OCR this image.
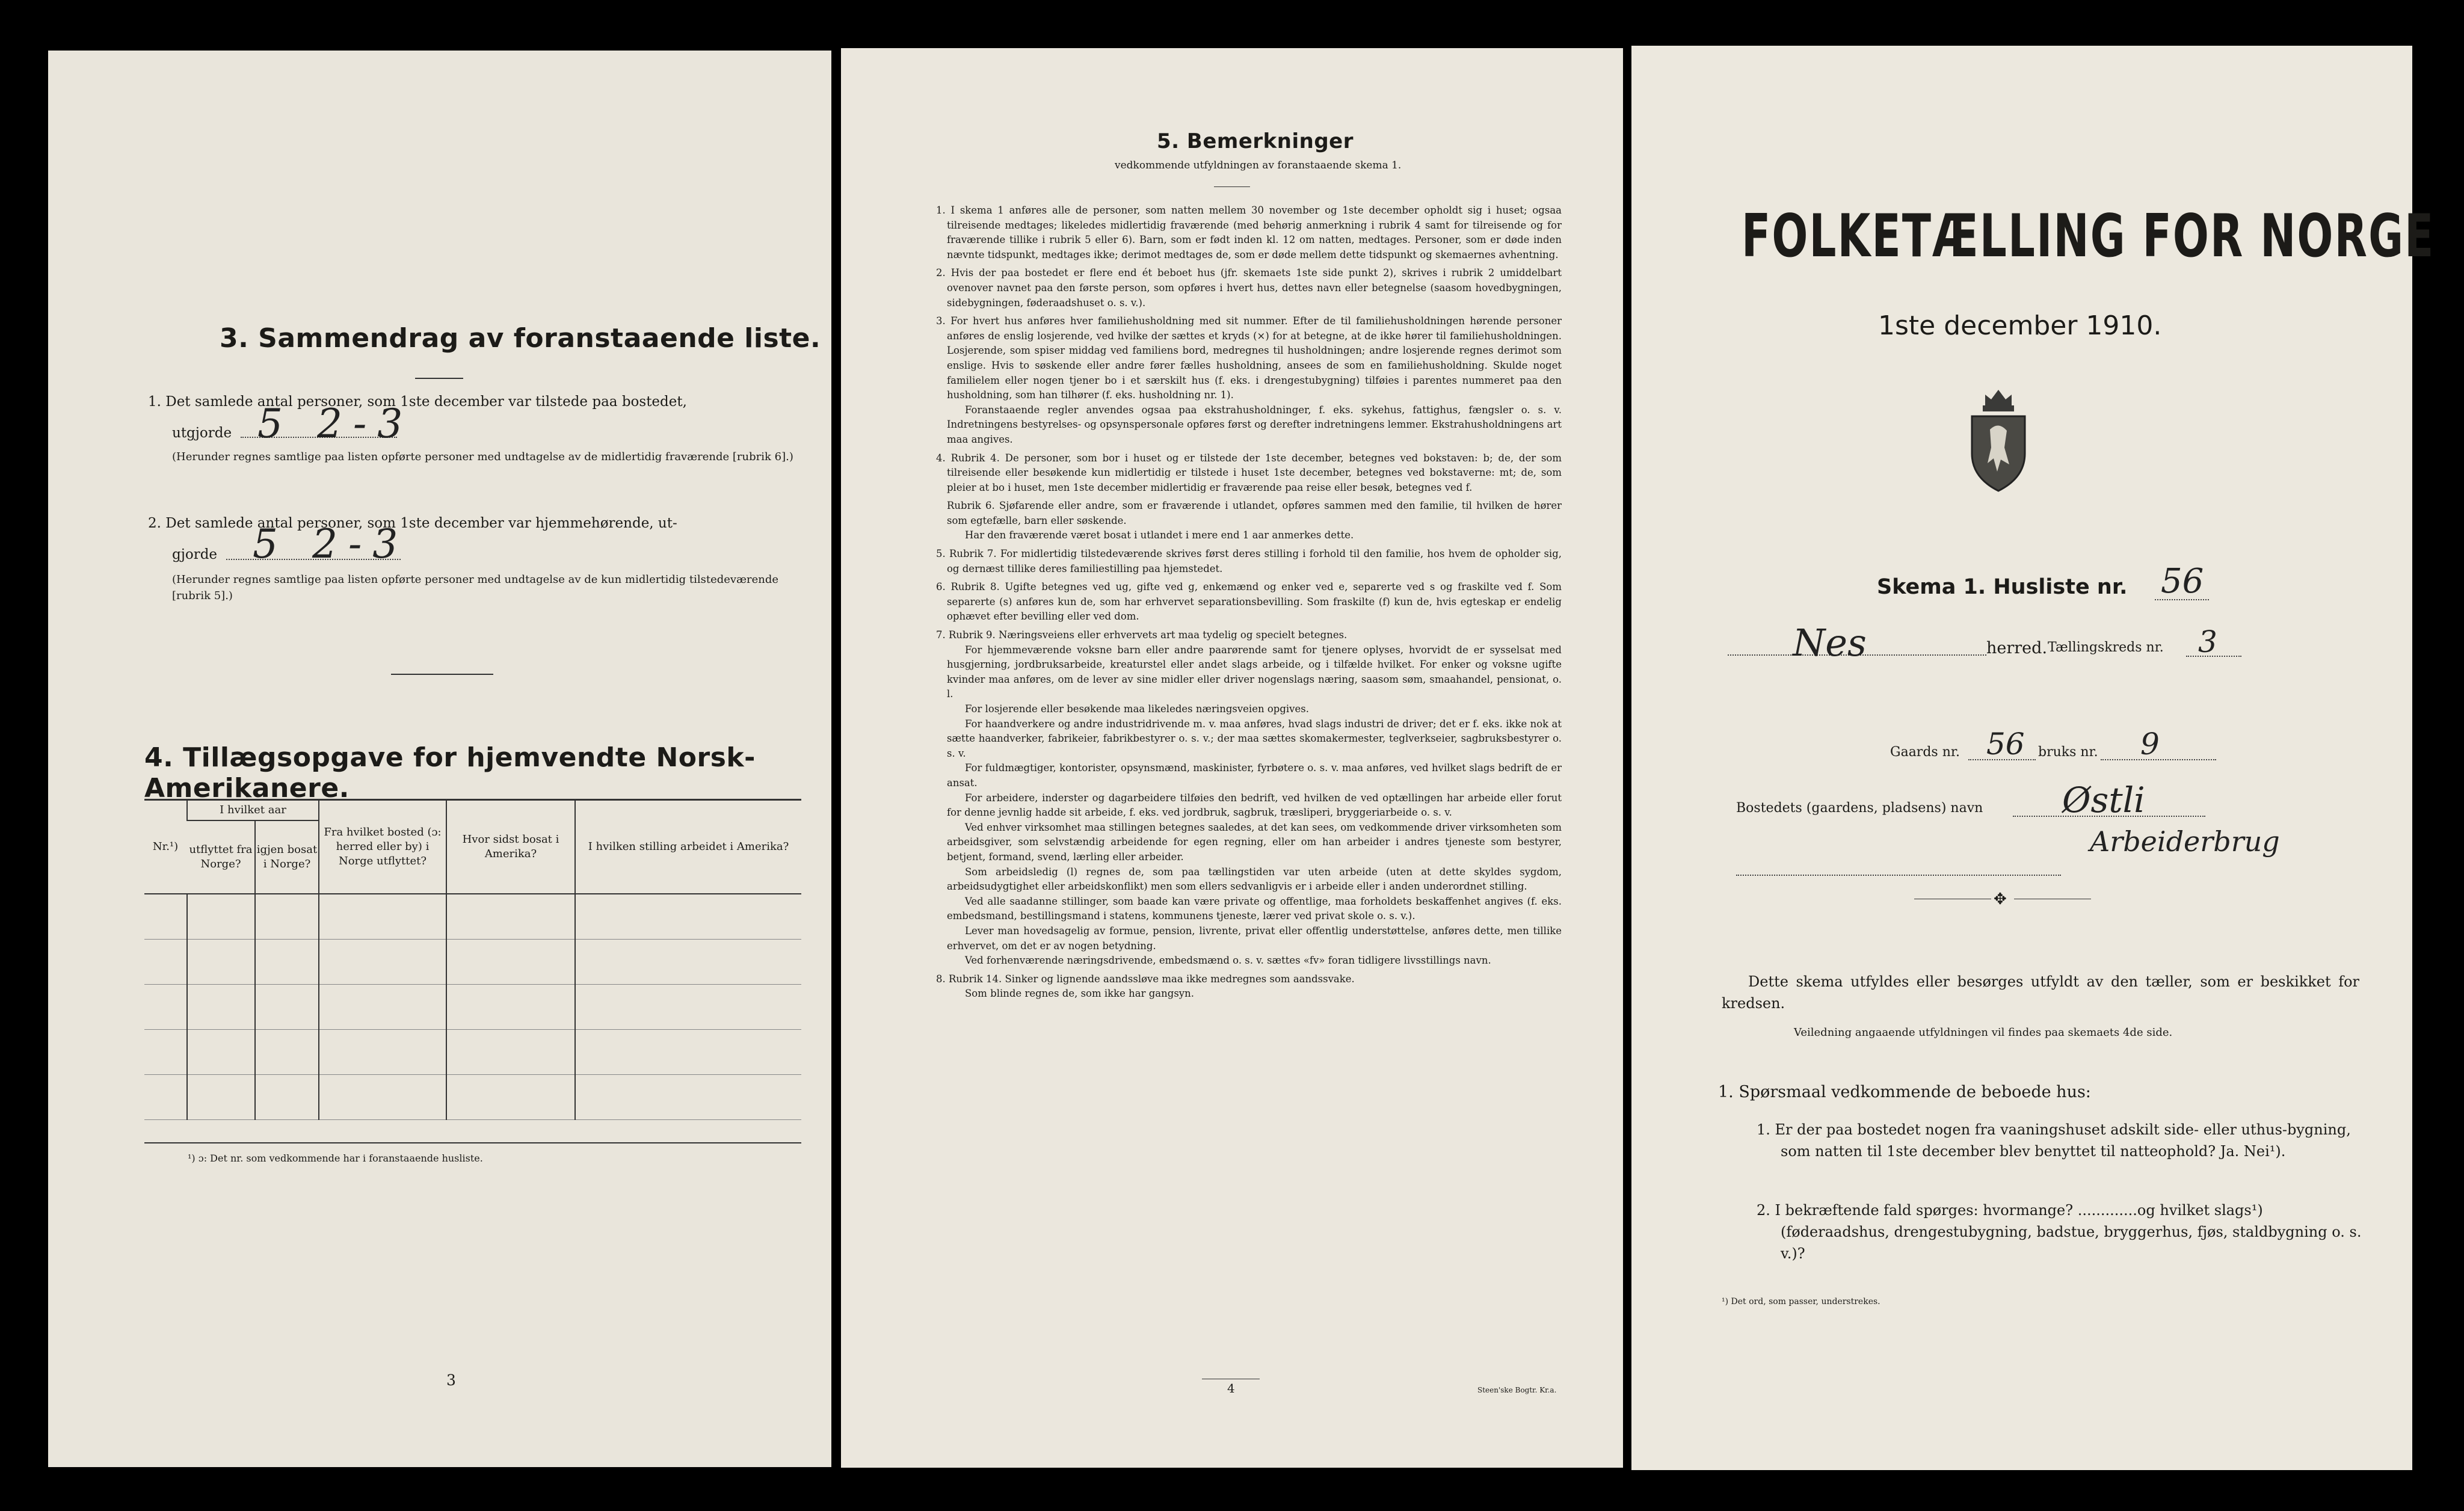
3. Sammendrag av foranstaaende liste.
1. Det samlede antal personer, som 1ste december var tilstede paa bostedet,
utgjorde 5 2-3
(Herunder regnes samtlige paa listen opførte personer med undtagelse av de midlertidig fraværende [rubrik 6].)
2. Det samlede antal personer, som 1ste december var hjemmehørende, ut-
gjorde 5 2-3
(Herunder regnes samtlige paa listen opførte personer med undtagelse av de kun midlertidig tilstedeværende [rubrik 5].)
4. Tillægsopgave for hjemvendte Norsk-Amerikanere.
Nr.¹)	I hvilket aar		Fra hvilket bosted (ɔ: herred eller by) i Norge utflyttet?	Hvor sidst bosat i Amerika?	I hvilken stilling arbeidet i Amerika?
	utflyttet fra Norge?	igjen bosat i Norge?			

¹) ɔ: Det nr. som vedkommende har i foranstaaende husliste.
3
5. Bemerkninger
vedkommende utfyldningen av foranstaaende skema 1.

1. I skema 1 anføres alle de personer, som natten mellem 30 november og 1ste december opholdt sig i huset; ogsaa tilreisende medtages; likeledes midlertidig fraværende (med behørig anmerkning i rubrik 4 samt for tilreisende og for fraværende tillike i rubrik 5 eller 6). Barn, som er født inden kl. 12 om natten, medtages. Personer, som er døde inden nævnte tidspunkt, medtages ikke; derimot medtages de, som er døde mellem dette tidspunkt og skemaernes avhentning.

2. Hvis der paa bostedet er flere end ét beboet hus (jfr. skemaets 1ste side punkt 2), skrives i rubrik 2 umiddelbart ovenover navnet paa den første person, som opføres i hvert hus, dettes navn eller betegnelse (saasom hovedbygningen, sidebygningen, føderaadshuset o. s. v.).

3. For hvert hus anføres hver familiehusholdning med sit nummer. Efter de til familiehusholdningen hørende personer anføres de enslig losjerende, ved hvilke der sættes et kryds (×) for at betegne, at de ikke hører til familiehusholdningen. Losjerende, som spiser middag ved familiens bord, medregnes til husholdningen; andre losjerende regnes derimot som enslige. Hvis to søskende eller andre fører fælles husholdning, ansees de som en familiehusholdning. Skulde noget familielem eller nogen tjener bo i et særskilt hus (f. eks. i drengestubygning) tilføies i parentes nummeret paa den husholdning, som han tilhører (f. eks. husholdning nr. 1).

Foranstaaende regler anvendes ogsaa paa ekstrahusholdninger, f. eks. sykehus, fattighus, fængsler o. s. v. Indretningens bestyrelses- og opsynspersonale opføres først og derefter indretningens lemmer. Ekstrahusholdningens art maa angives.

4. Rubrik 4. De personer, som bor i huset og er tilstede der 1ste december, betegnes ved bokstaven: b; de, der som tilreisende eller besøkende kun midlertidig er tilstede i huset 1ste december, betegnes ved bokstaverne: mt; de, som pleier at bo i huset, men 1ste december midlertidig er fraværende paa reise eller besøk, betegnes ved f.

Rubrik 6. Sjøfarende eller andre, som er fraværende i utlandet, opføres sammen med den familie, til hvilken de hører som egtefælle, barn eller søskende.

Har den fraværende været bosat i utlandet i mere end 1 aar anmerkes dette.

5. Rubrik 7. For midlertidig tilstedeværende skrives først deres stilling i forhold til den familie, hos hvem de opholder sig, og dernæst tillike deres familiestilling paa hjemstedet.

6. Rubrik 8. Ugifte betegnes ved ug, gifte ved g, enkemænd og enker ved e, separerte ved s og fraskilte ved f. Som separerte (s) anføres kun de, som har erhvervet separationsbevilling. Som fraskilte (f) kun de, hvis egteskap er endelig ophævet efter bevilling eller ved dom.

7. Rubrik 9. Næringsveiens eller erhvervets art maa tydelig og specielt betegnes.

For hjemmeværende voksne barn eller andre paarørende samt for tjenere oplyses, hvorvidt de er sysselsat med husgjerning, jordbruksarbeide, kreaturstel eller andet slags arbeide, og i tilfælde hvilket. For enker og voksne ugifte kvinder maa anføres, om de lever av sine midler eller driver nogenslags næring, saasom søm, smaahandel, pensionat, o. l.

For losjerende eller besøkende maa likeledes næringsveien opgives.

For haandverkere og andre industridrivende m. v. maa anføres, hvad slags industri de driver; det er f. eks. ikke nok at sætte haandverker, fabrikeier, fabrikbestyrer o. s. v.; der maa sættes skomakermester, teglverkseier, sagbruksbestyrer o. s. v.

For fuldmægtiger, kontorister, opsynsmænd, maskinister, fyrbøtere o. s. v. maa anføres, ved hvilket slags bedrift de er ansat.

For arbeidere, inderster og dagarbeidere tilføies den bedrift, ved hvilken de ved optællingen har arbeide eller forut for denne jevnlig hadde sit arbeide, f. eks. ved jordbruk, sagbruk, træsliperi, bryggeriarbeide o. s. v.

Ved enhver virksomhet maa stillingen betegnes saaledes, at det kan sees, om vedkommende driver virksomheten som arbeidsgiver, som selvstændig arbeidende for egen regning, eller om han arbeider i andres tjeneste som bestyrer, betjent, formand, svend, lærling eller arbeider.

Som arbeidsledig (l) regnes de, som paa tællingstiden var uten arbeide (uten at dette skyldes sygdom, arbeidsudygtighet eller arbeidskonflikt) men som ellers sedvanligvis er i arbeide eller i anden underordnet stilling.

Ved alle saadanne stillinger, som baade kan være private og offentlige, maa forholdets beskaffenhet angives (f. eks. embedsmand, bestillingsmand i statens, kommunens tjeneste, lærer ved privat skole o. s. v.).

Lever man hovedsagelig av formue, pension, livrente, privat eller offentlig understøttelse, anføres dette, men tillike erhvervet, om det er av nogen betydning.

Ved forhenværende næringsdrivende, embedsmænd o. s. v. sættes «fv» foran tidligere livsstillings navn.

8. Rubrik 14. Sinker og lignende aandssløve maa ikke medregnes som aandssvake.

Som blinde regnes de, som ikke har gangsyn.

4	Steen'ske Bogtr. Kr.a.
FOLKETÆLLING FOR NORGE
1ste december 1910.
Skema 1. Husliste nr. 56
Nes	herred. Tællingskreds nr. 3
Gaards nr. 56 bruks nr. 9
Bostedets (gaardens, pladsens) navn Østli
Arbeiderbrug
✥
Dette skema utfyldes eller besørges utfyldt av den tæller, som er beskikket for kredsen.
Veiledning angaaende utfyldningen vil findes paa skemaets 4de side.
1. Spørsmaal vedkommende de beboede hus:
1. Er der paa bostedet nogen fra vaaningshuset adskilt side- eller uthus-bygning, som natten til 1ste december blev benyttet til natteophold? Ja. Nei¹).
2. I bekræftende fald spørges: hvormange? .............og hvilket slags¹) (føderaadshus, drengestubygning, badstue, bryggerhus, fjøs, staldbygning o. s. v.)?
¹) Det ord, som passer, understrekes.
